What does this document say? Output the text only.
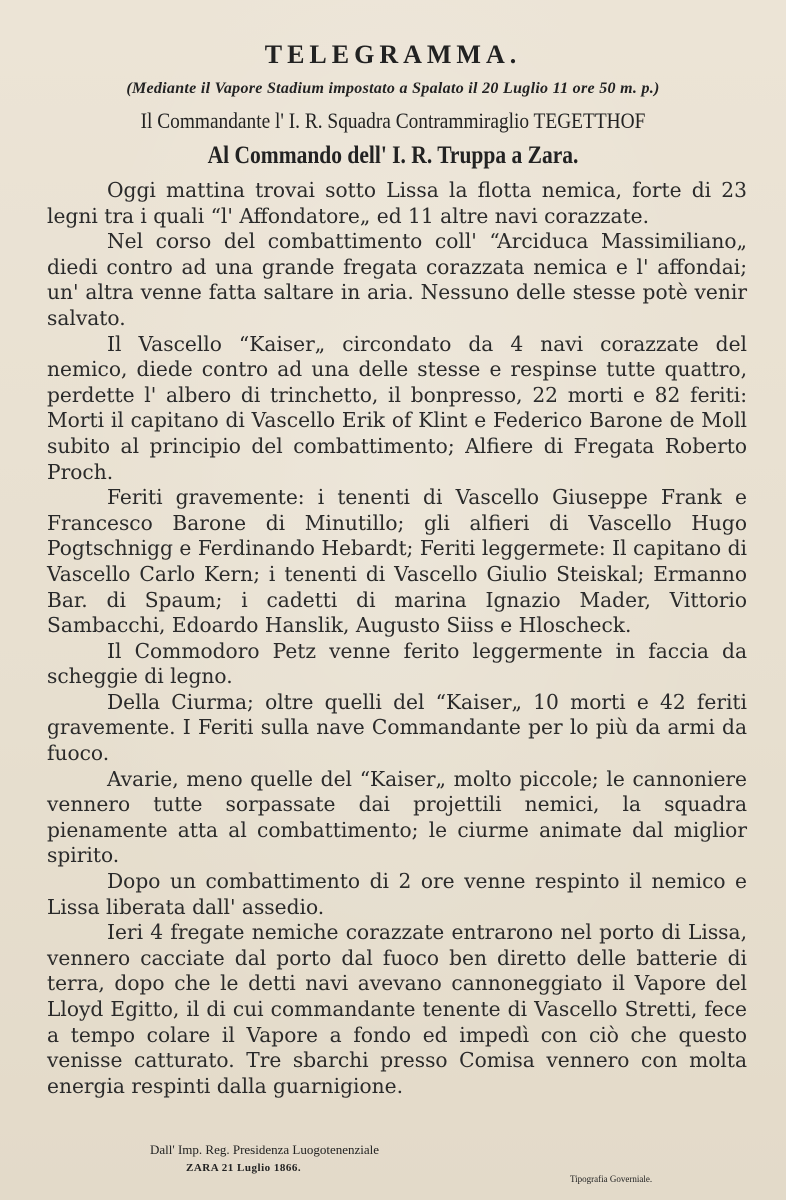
TELEGRAMMA.
(Mediante il Vapore Stadium impostato a Spalato il 20 Luglio 11 ore 50 m. p.)
Il Commandante l' I. R. Squadra Contrammiraglio TEGETTHOF
Al Commando dell' I. R. Truppa a Zara.

Oggi mattina trovai sotto Lissa la flotta nemica, forte di 23 legni tra i quali “l' Affondatore„ ed 11 altre navi corazzate.

Nel corso del combattimento coll' “Arciduca Massimiliano„ diedi contro ad una grande fregata corazzata nemica e l' affondai; un' altra venne fatta saltare in aria. Nessuno delle stesse potè venir salvato.

Il Vascello “Kaiser„ circondato da 4 navi corazzate del nemico, diede contro ad una delle stesse e respinse tutte quattro, perdette l' albero di trinchetto, il bonpresso, 22 morti e 82 feriti: Morti il capitano di Vascello Erik of Klint e Federico Barone de Moll subito al principio del combattimento; Alfiere di Fregata Roberto Proch.

Feriti gravemente: i tenenti di Vascello Giuseppe Frank e Francesco Barone di Minutillo; gli alfieri di Vascello Hugo Pogtschnigg e Ferdinando Hebardt; Feriti leggermete: Il capitano di Vascello Carlo Kern; i tenenti di Vascello Giulio Steiskal; Ermanno Bar. di Spaum; i cadetti di marina Ignazio Mader, Vittorio Sambacchi, Edoardo Hanslik, Augusto Siiss e Hloscheck.

Il Commodoro Petz venne ferito leggermente in faccia da scheggie di legno.

Della Ciurma; oltre quelli del “Kaiser„ 10 morti e 42 feriti gravemente. I Feriti sulla nave Commandante per lo più da armi da fuoco.

Avarie, meno quelle del “Kaiser„ molto piccole; le cannoniere vennero tutte sorpassate dai projettili nemici, la squadra pienamente atta al combattimento; le ciurme animate dal miglior spirito.

Dopo un combattimento di 2 ore venne respinto il nemico e Lissa liberata dall' assedio.

Ieri 4 fregate nemiche corazzate entrarono nel porto di Lissa, vennero cacciate dal porto dal fuoco ben diretto delle batterie di terra, dopo che le detti navi avevano cannoneggiato il Vapore del Lloyd Egitto, il di cui commandante tenente di Vascello Stretti, fece a tempo colare il Vapore a fondo ed impedì con ciò che questo venisse catturato. Tre sbarchi presso Comisa vennero con molta energia respinti dalla guarnigione.

Dall' Imp. Reg. Presidenza Luogotenenziale
ZARA 21 Luglio 1866.
Tipografia Governiale.
